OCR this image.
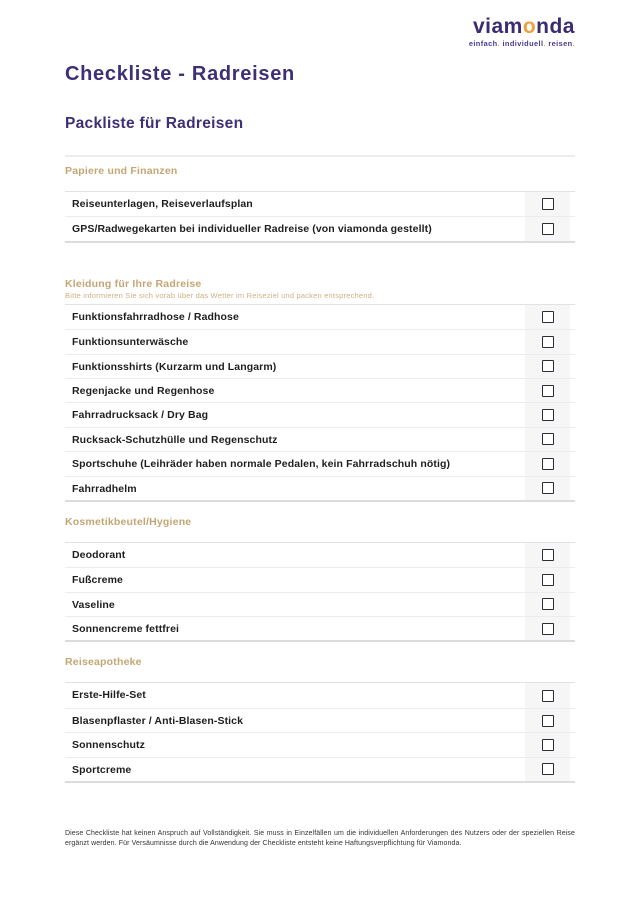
viamonda
einfach. individuell. reisen.
Checkliste - Radreisen
Packliste für Radreisen
Papiere und Finanzen
Reiseunterlagen, Reiseverlaufsplan
GPS/Radwegekarten bei individueller Radreise (von viamonda gestellt)
Kleidung für Ihre Radreise
Bitte informieren Sie sich vorab über das Wetter im Reiseziel und packen entsprechend.
Funktionsfahrradhose / Radhose
Funktionsunterwäsche
Funktionsshirts (Kurzarm und Langarm)
Regenjacke und Regenhose
Fahrradrucksack / Dry Bag
Rucksack-Schutzhülle und Regenschutz
Sportschuhe (Leihräder haben normale Pedalen, kein Fahrradschuh nötig)
Fahrradhelm
Kosmetikbeutel/Hygiene
Deodorant
Fußcreme
Vaseline
Sonnencreme fettfrei
Reiseapotheke
Erste-Hilfe-Set
Blasenpflaster / Anti-Blasen-Stick
Sonnenschutz
Sportcreme

Diese Checkliste hat keinen Anspruch auf Vollständigkeit. Sie muss in Einzelfällen um die individuellen Anforderungen des Nutzers oder der speziellen Reise ergänzt werden. Für Versäumnisse durch die Anwendung der Checkliste entsteht keine Haftungsverpflichtung für Viamonda.
